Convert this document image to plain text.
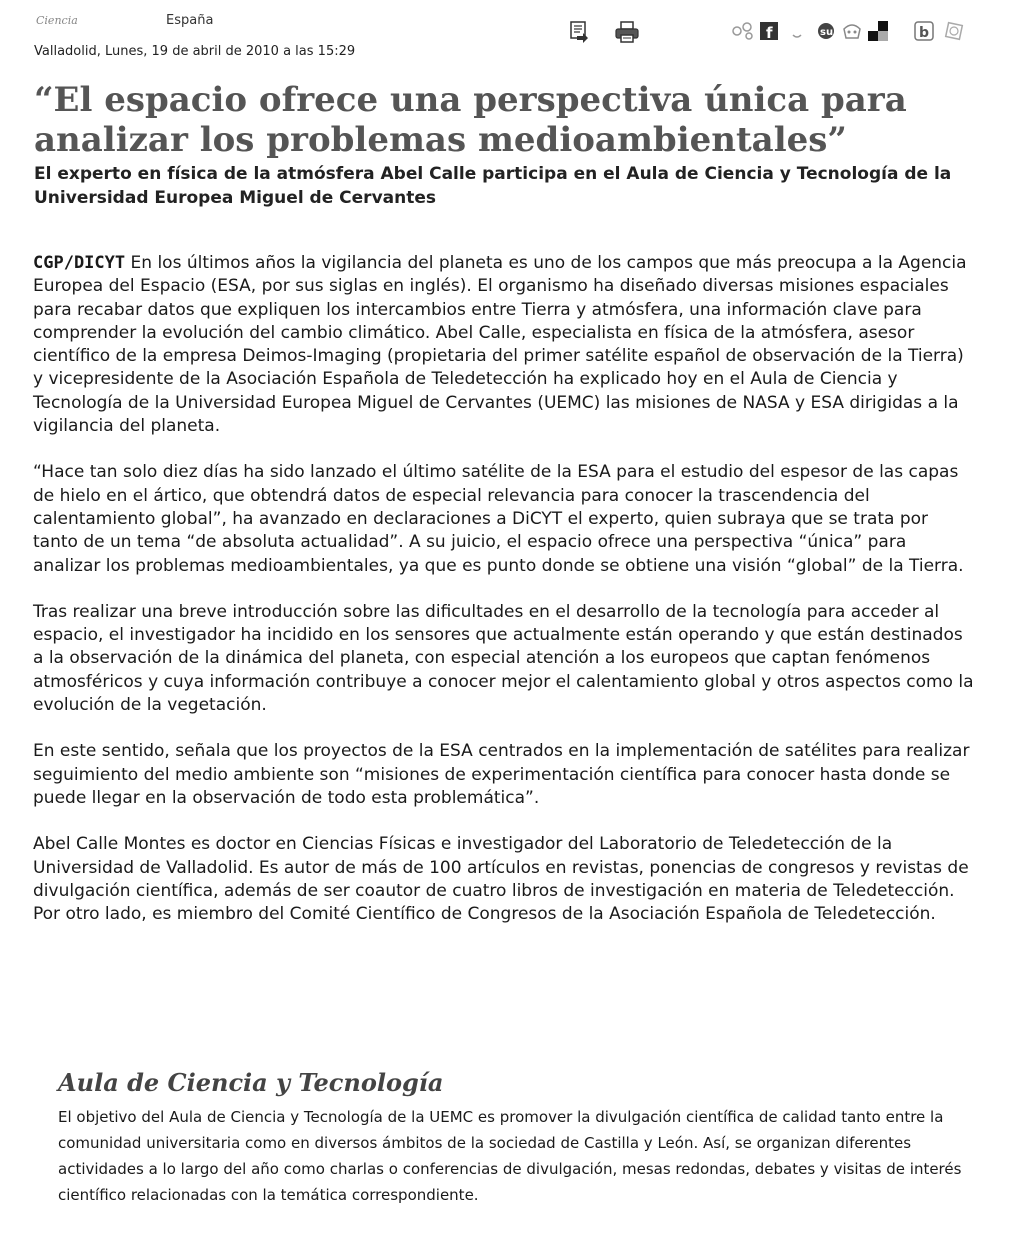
Ciencia	España
Valladolid, Lunes, 19 de abril de 2010 a las 15:29
f	su	b
“El espacio ofrece una perspectiva única para analizar los problemas medioambientales”
El experto en física de la atmósfera Abel Calle participa en el Aula de Ciencia y Tecnología de la Universidad Europea Miguel de Cervantes

CGP/DICYT En los últimos años la vigilancia del planeta es uno de los campos que más preocupa a la Agencia Europea del Espacio (ESA, por sus siglas en inglés). El organismo ha diseñado diversas misiones espaciales para recabar datos que expliquen los intercambios entre Tierra y atmósfera, una información clave para comprender la evolución del cambio climático. Abel Calle, especialista en física de la atmósfera, asesor científico de la empresa Deimos-Imaging (propietaria del primer satélite español de observación de la Tierra) y vicepresidente de la Asociación Española de Teledetección ha explicado hoy en el Aula de Ciencia y Tecnología de la Universidad Europea Miguel de Cervantes (UEMC) las misiones de NASA y ESA dirigidas a la vigilancia del planeta.

“Hace tan solo diez días ha sido lanzado el último satélite de la ESA para el estudio del espesor de las capas de hielo en el ártico, que obtendrá datos de especial relevancia para conocer la trascendencia del calentamiento global”, ha avanzado en declaraciones a DiCYT el experto, quien subraya que se trata por tanto de un tema “de absoluta actualidad”. A su juicio, el espacio ofrece una perspectiva “única” para analizar los problemas medioambientales, ya que es punto donde se obtiene una visión “global” de la Tierra.

Tras realizar una breve introducción sobre las dificultades en el desarrollo de la tecnología para acceder al espacio, el investigador ha incidido en los sensores que actualmente están operando y que están destinados a la observación de la dinámica del planeta, con especial atención a los europeos que captan fenómenos atmosféricos y cuya información contribuye a conocer mejor el calentamiento global y otros aspectos como la evolución de la vegetación.

En este sentido, señala que los proyectos de la ESA centrados en la implementación de satélites para realizar seguimiento del medio ambiente son “misiones de experimentación científica para conocer hasta donde se puede llegar en la observación de todo esta problemática”.

Abel Calle Montes es doctor en Ciencias Físicas e investigador del Laboratorio de Teledetección de la Universidad de Valladolid. Es autor de más de 100 artículos en revistas, ponencias de congresos y revistas de divulgación científica, además de ser coautor de cuatro libros de investigación en materia de Teledetección. Por otro lado, es miembro del Comité Científico de Congresos de la Asociación Española de Teledetección.

Aula de Ciencia y Tecnología

El objetivo del Aula de Ciencia y Tecnología de la UEMC es promover la divulgación científica de calidad tanto entre la comunidad universitaria como en diversos ámbitos de la sociedad de Castilla y León. Así, se organizan diferentes actividades a lo largo del año como charlas o conferencias de divulgación, mesas redondas, debates y visitas de interés científico relacionadas con la temática correspondiente.
